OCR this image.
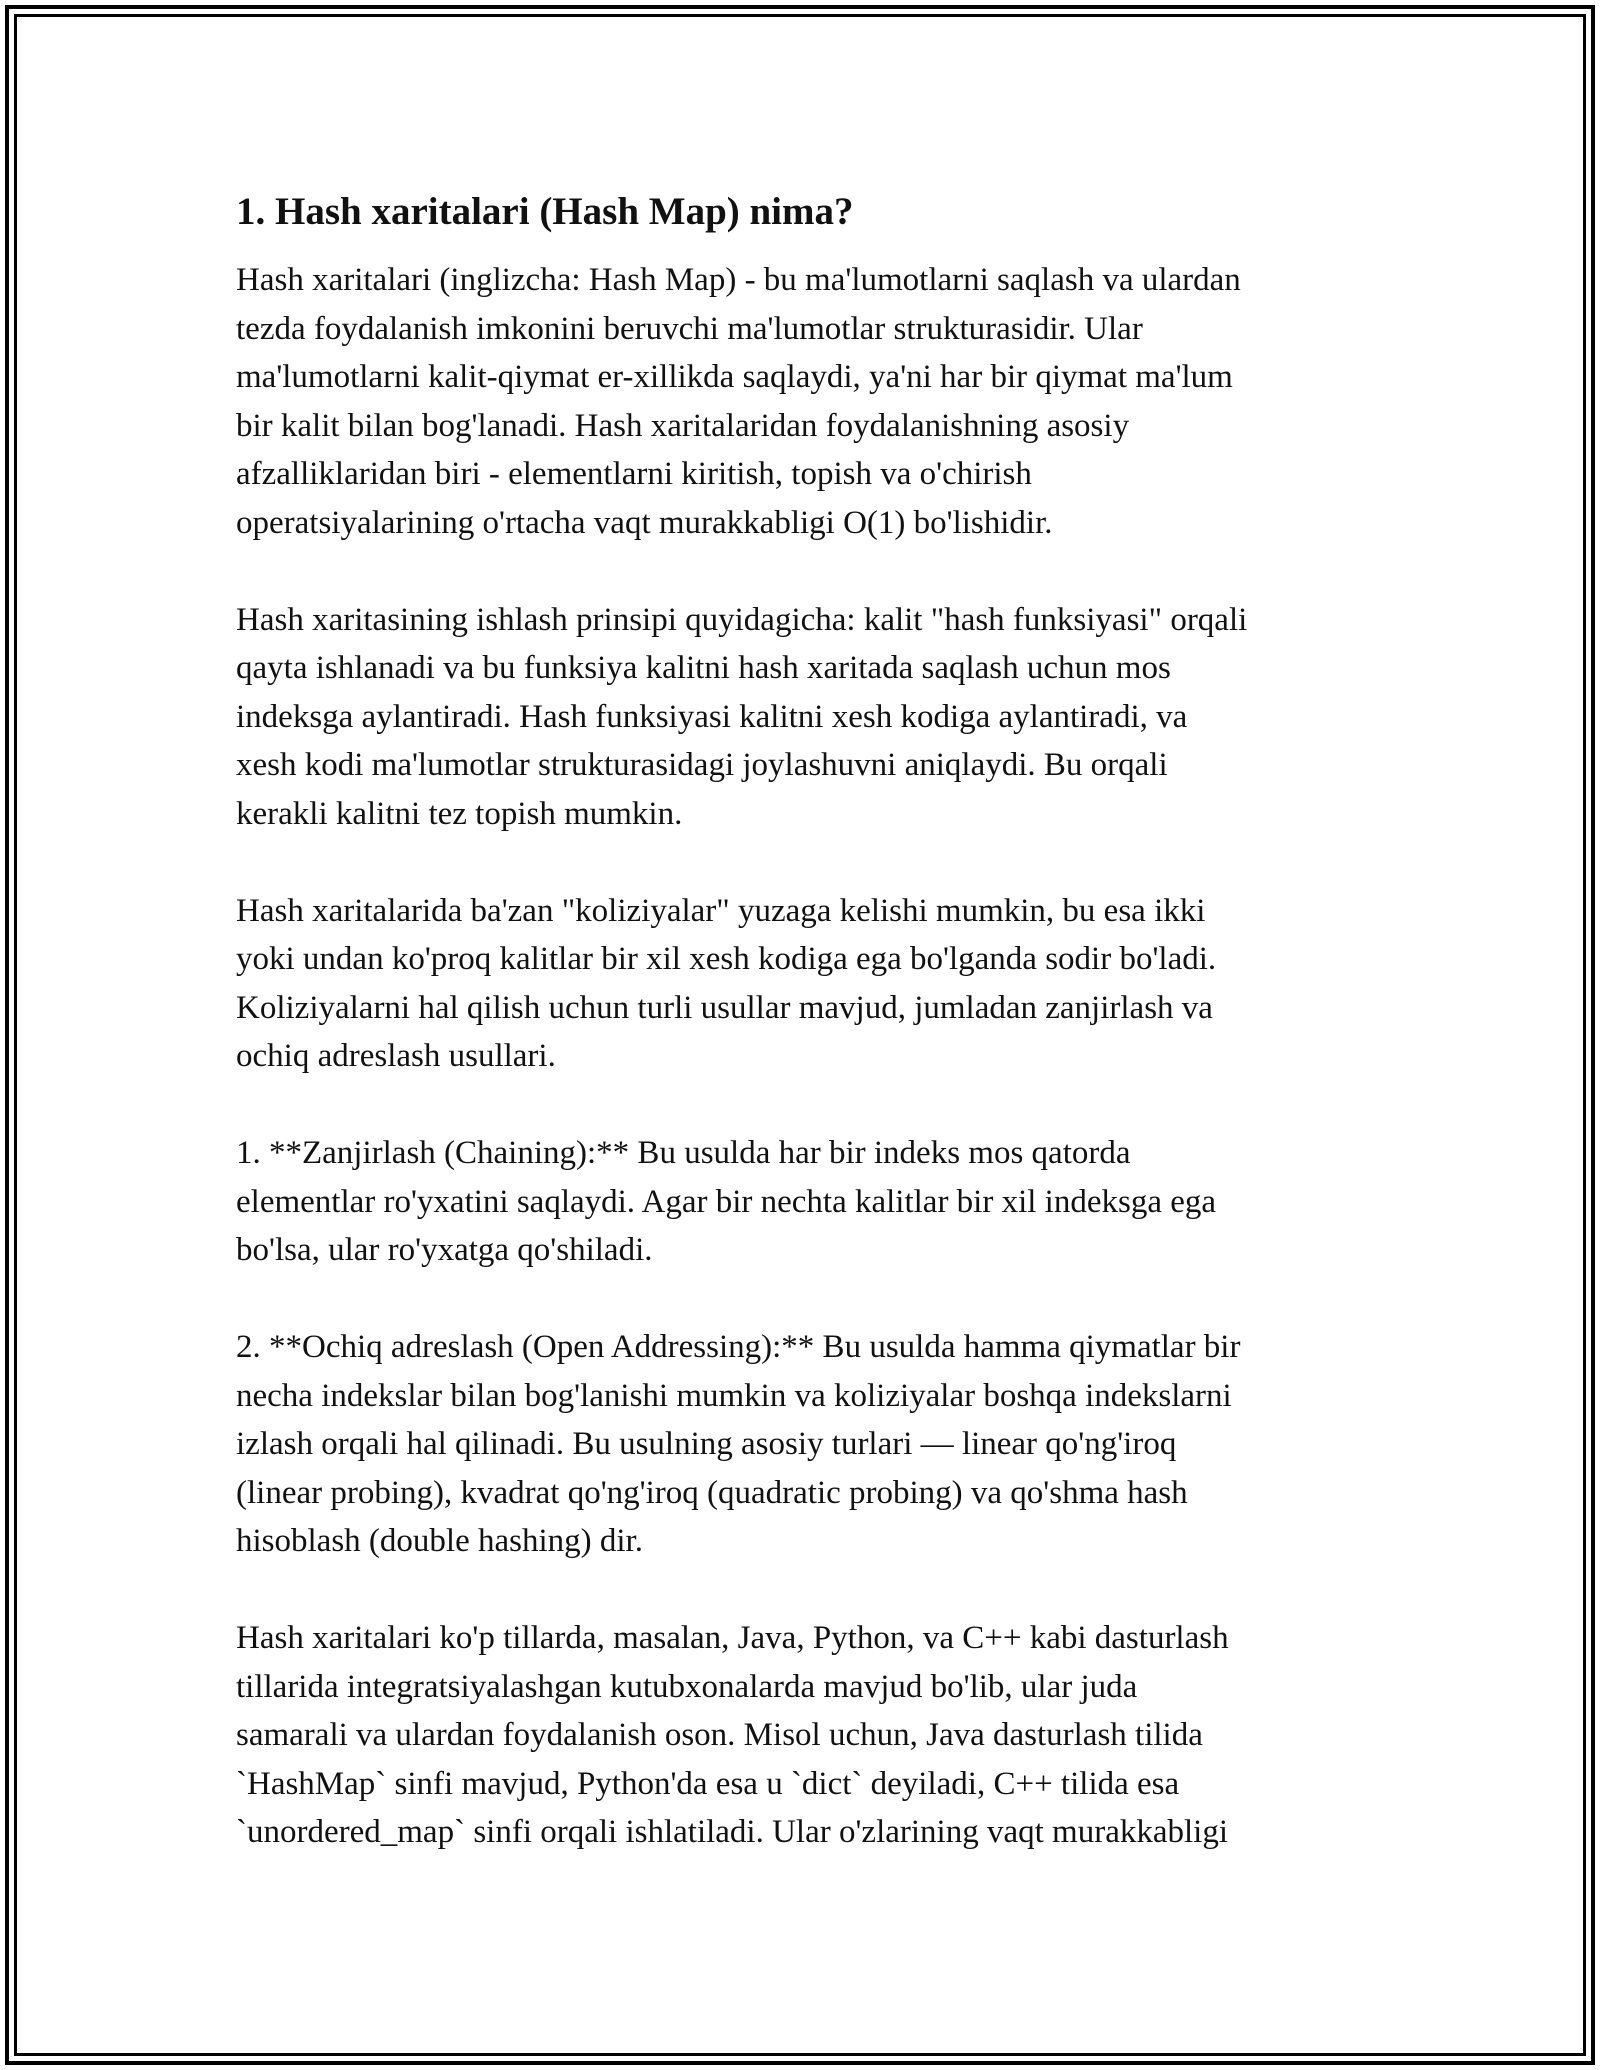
1. Hash xaritalari (Hash Map) nima?

Hash xaritalari (inglizcha: Hash Map) - bu ma'lumotlarni saqlash va ulardan
tezda foydalanish imkonini beruvchi ma'lumotlar strukturasidir. Ular
ma'lumotlarni kalit-qiymat er-xillikda saqlaydi, ya'ni har bir qiymat ma'lum
bir kalit bilan bog'lanadi. Hash xaritalaridan foydalanishning asosiy
afzalliklaridan biri - elementlarni kiritish, topish va o'chirish
operatsiyalarining o'rtacha vaqt murakkabligi O(1) bo'lishidir.

Hash xaritasining ishlash prinsipi quyidagicha: kalit "hash funksiyasi" orqali
qayta ishlanadi va bu funksiya kalitni hash xaritada saqlash uchun mos
indeksga aylantiradi. Hash funksiyasi kalitni xesh kodiga aylantiradi, va
xesh kodi ma'lumotlar strukturasidagi joylashuvni aniqlaydi. Bu orqali
kerakli kalitni tez topish mumkin.

Hash xaritalarida ba'zan "koliziyalar" yuzaga kelishi mumkin, bu esa ikki
yoki undan ko'proq kalitlar bir xil xesh kodiga ega bo'lganda sodir bo'ladi.
Koliziyalarni hal qilish uchun turli usullar mavjud, jumladan zanjirlash va
ochiq adreslash usullari.

1. **Zanjirlash (Chaining):** Bu usulda har bir indeks mos qatorda
elementlar ro'yxatini saqlaydi. Agar bir nechta kalitlar bir xil indeksga ega
bo'lsa, ular ro'yxatga qo'shiladi.

2. **Ochiq adreslash (Open Addressing):** Bu usulda hamma qiymatlar bir
necha indekslar bilan bog'lanishi mumkin va koliziyalar boshqa indekslarni
izlash orqali hal qilinadi. Bu usulning asosiy turlari — linear qo'ng'iroq
(linear probing), kvadrat qo'ng'iroq (quadratic probing) va qo'shma hash
hisoblash (double hashing) dir.

Hash xaritalari ko'p tillarda, masalan, Java, Python, va C++ kabi dasturlash
tillarida integratsiyalashgan kutubxonalarda mavjud bo'lib, ular juda
samarali va ulardan foydalanish oson. Misol uchun, Java dasturlash tilida
`HashMap` sinfi mavjud, Python'da esa u `dict` deyiladi, C++ tilida esa
`unordered_map` sinfi orqali ishlatiladi. Ular o'zlarining vaqt murakkabligi
